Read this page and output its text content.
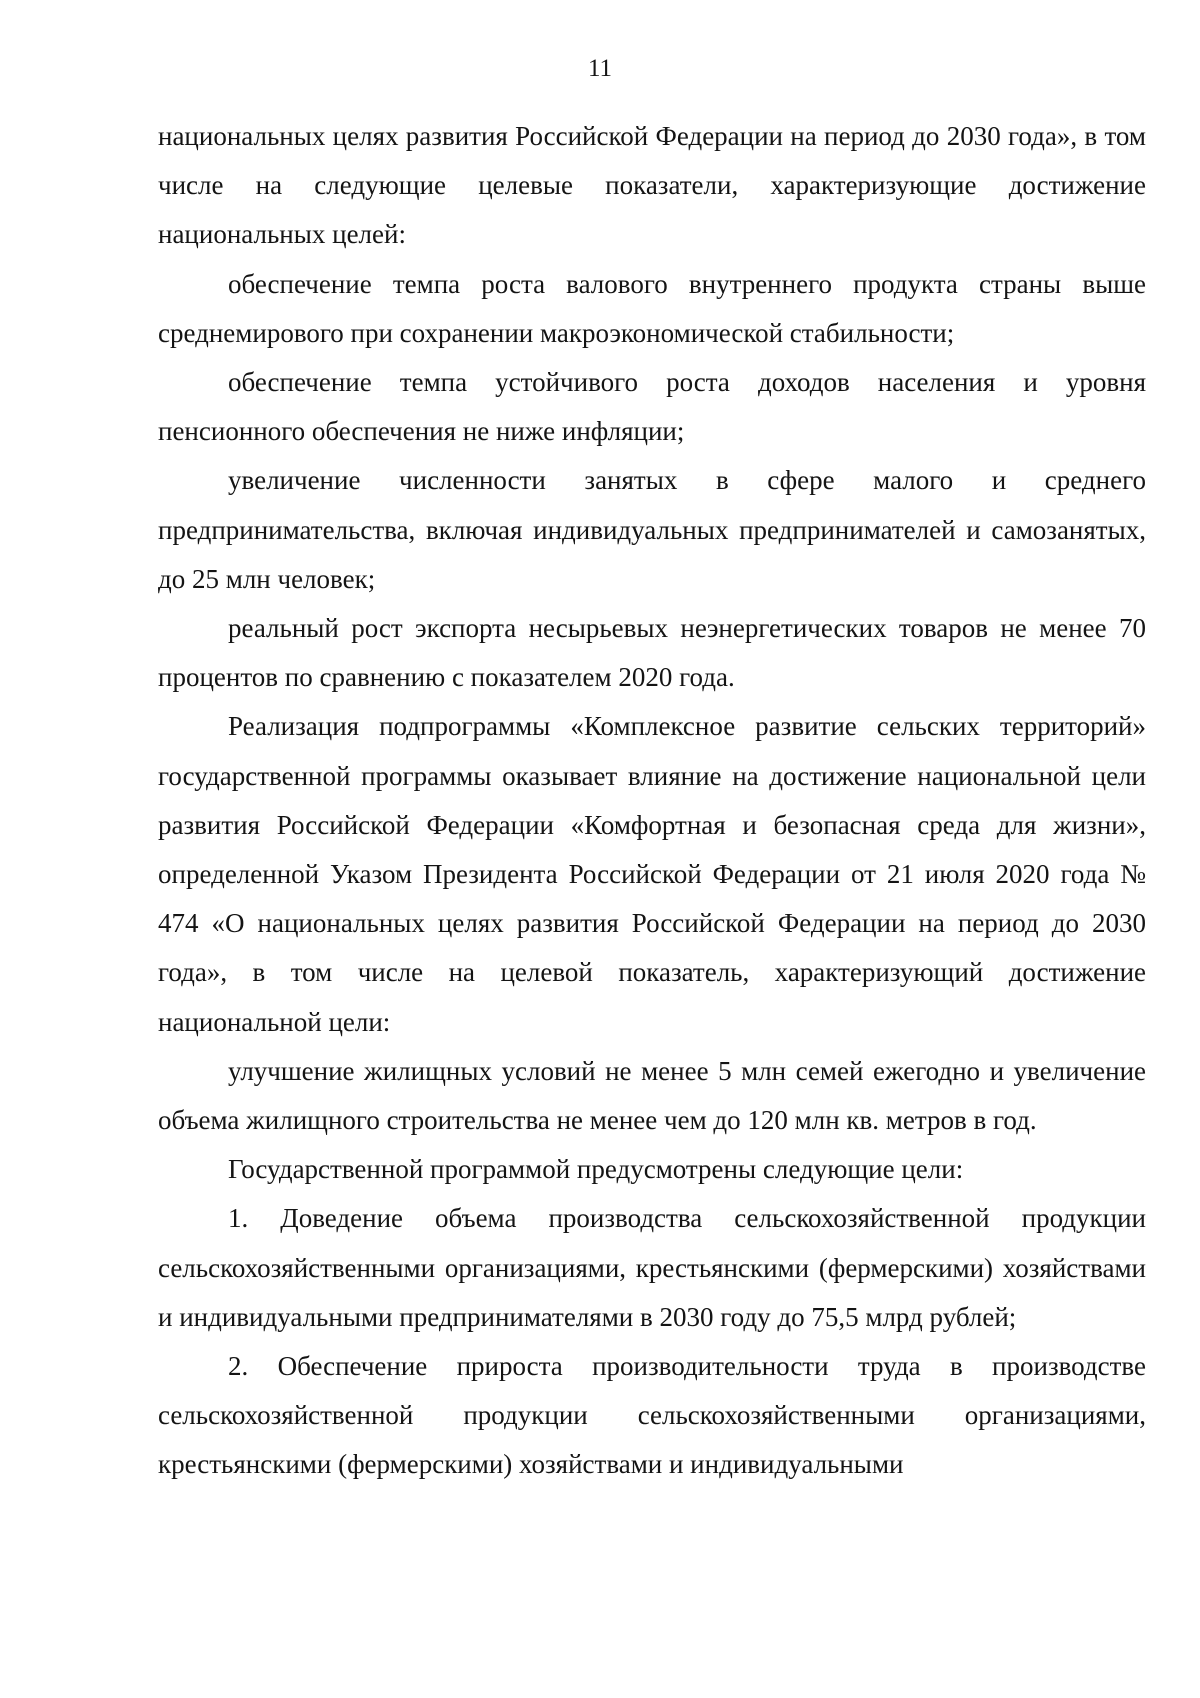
11

национальных целях развития Российской Федерации на период до 2030 года», в том числе на следующие целевые показатели, характеризующие достижение национальных целей:

обеспечение темпа роста валового внутреннего продукта страны выше среднемирового при сохранении макроэкономической стабильности;

обеспечение темпа устойчивого роста доходов населения и уровня пенсионного обеспечения не ниже инфляции;

увеличение численности занятых в сфере малого и среднего предпринимательства, включая индивидуальных предпринимателей и самозанятых, до 25 млн человек;

реальный рост экспорта несырьевых неэнергетических товаров не менее 70 процентов по сравнению с показателем 2020 года.

Реализация подпрограммы «Комплексное развитие сельских территорий» государственной программы оказывает влияние на достижение национальной цели развития Российской Федерации «Комфортная и безопасная среда для жизни», определенной Указом Президента Российской Федерации от 21 июля 2020 года № 474 «О национальных целях развития Российской Федерации на период до 2030 года», в том числе на целевой показатель, характеризующий достижение национальной цели:

улучшение жилищных условий не менее 5 млн семей ежегодно и увеличение объема жилищного строительства не менее чем до 120 млн кв. метров в год.

Государственной программой предусмотрены следующие цели:

1. Доведение объема производства сельскохозяйственной продукции сельскохозяйственными организациями, крестьянскими (фермерскими) хозяйствами и индивидуальными предпринимателями в 2030 году до 75,5 млрд рублей;

2. Обеспечение прироста производительности труда в производстве сельскохозяйственной продукции сельскохозяйственными организациями, крестьянскими (фермерскими) хозяйствами и индивидуальными
